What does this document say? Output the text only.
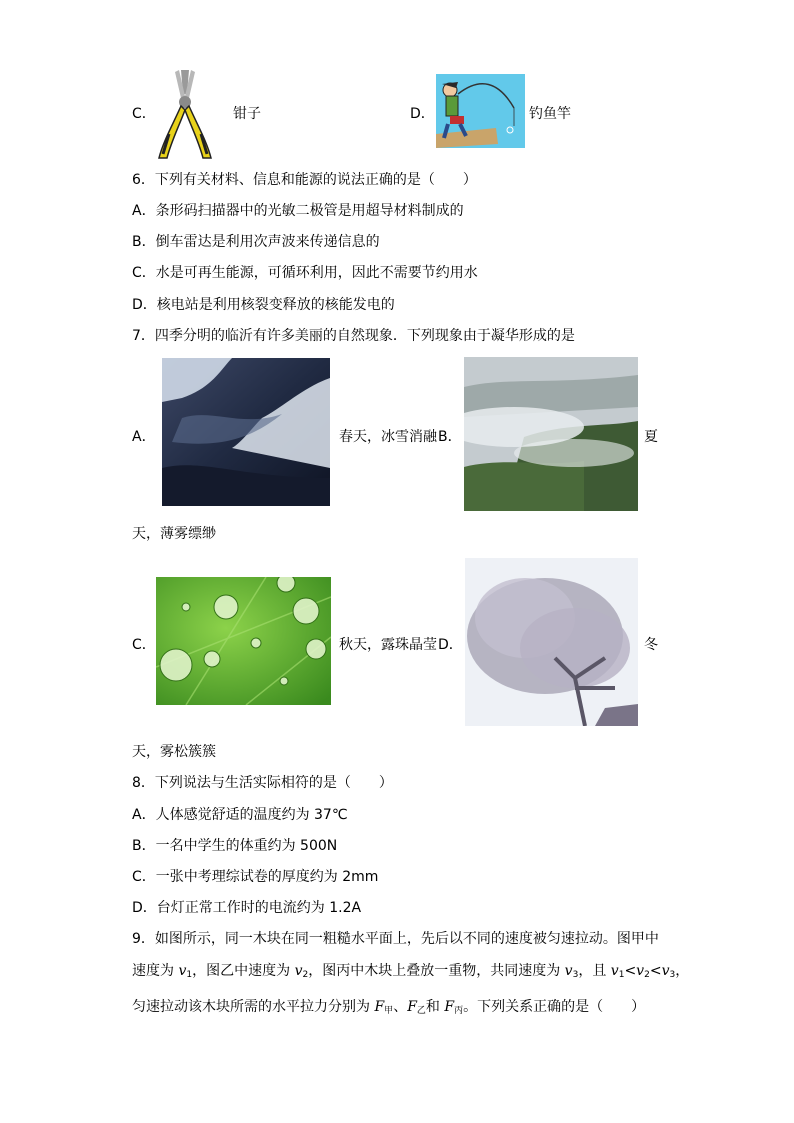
C．	钳子	D．	钓鱼竿
6．下列有关材料、信息和能源的说法正确的是（　　）
A．条形码扫描器中的光敏二极管是用超导材料制成的
B．倒车雷达是利用次声波来传递信息的
C．水是可再生能源，可循环利用，因此不需要节约用水
D．核电站是利用核裂变释放的核能发电的
7．四季分明的临沂有许多美丽的自然现象．下列现象由于凝华形成的是
A．	春天，冰雪消融 B．	夏
天，薄雾缥缈
C．	秋天，露珠晶莹 D．	冬
天，雾松簇簇
8．下列说法与生活实际相符的是（　　）
A．人体感觉舒适的温度约为 37℃
B．一名中学生的体重约为 500N
C．一张中考理综试卷的厚度约为 2mm
D．台灯正常工作时的电流约为 1.2A
9．如图所示，同一木块在同一粗糙水平面上，先后以不同的速度被匀速拉动。图甲中
速度为 $v_1$，图乙中速度为 $v_2$，图丙中木块上叠放一重物，共同速度为 $v_3$，且 $v_1<v_2<v_3$，
匀速拉动该木块所需的水平拉力分别为 $F_甲$、$F_乙$和 $F_丙$。下列关系正确的是（　　）
